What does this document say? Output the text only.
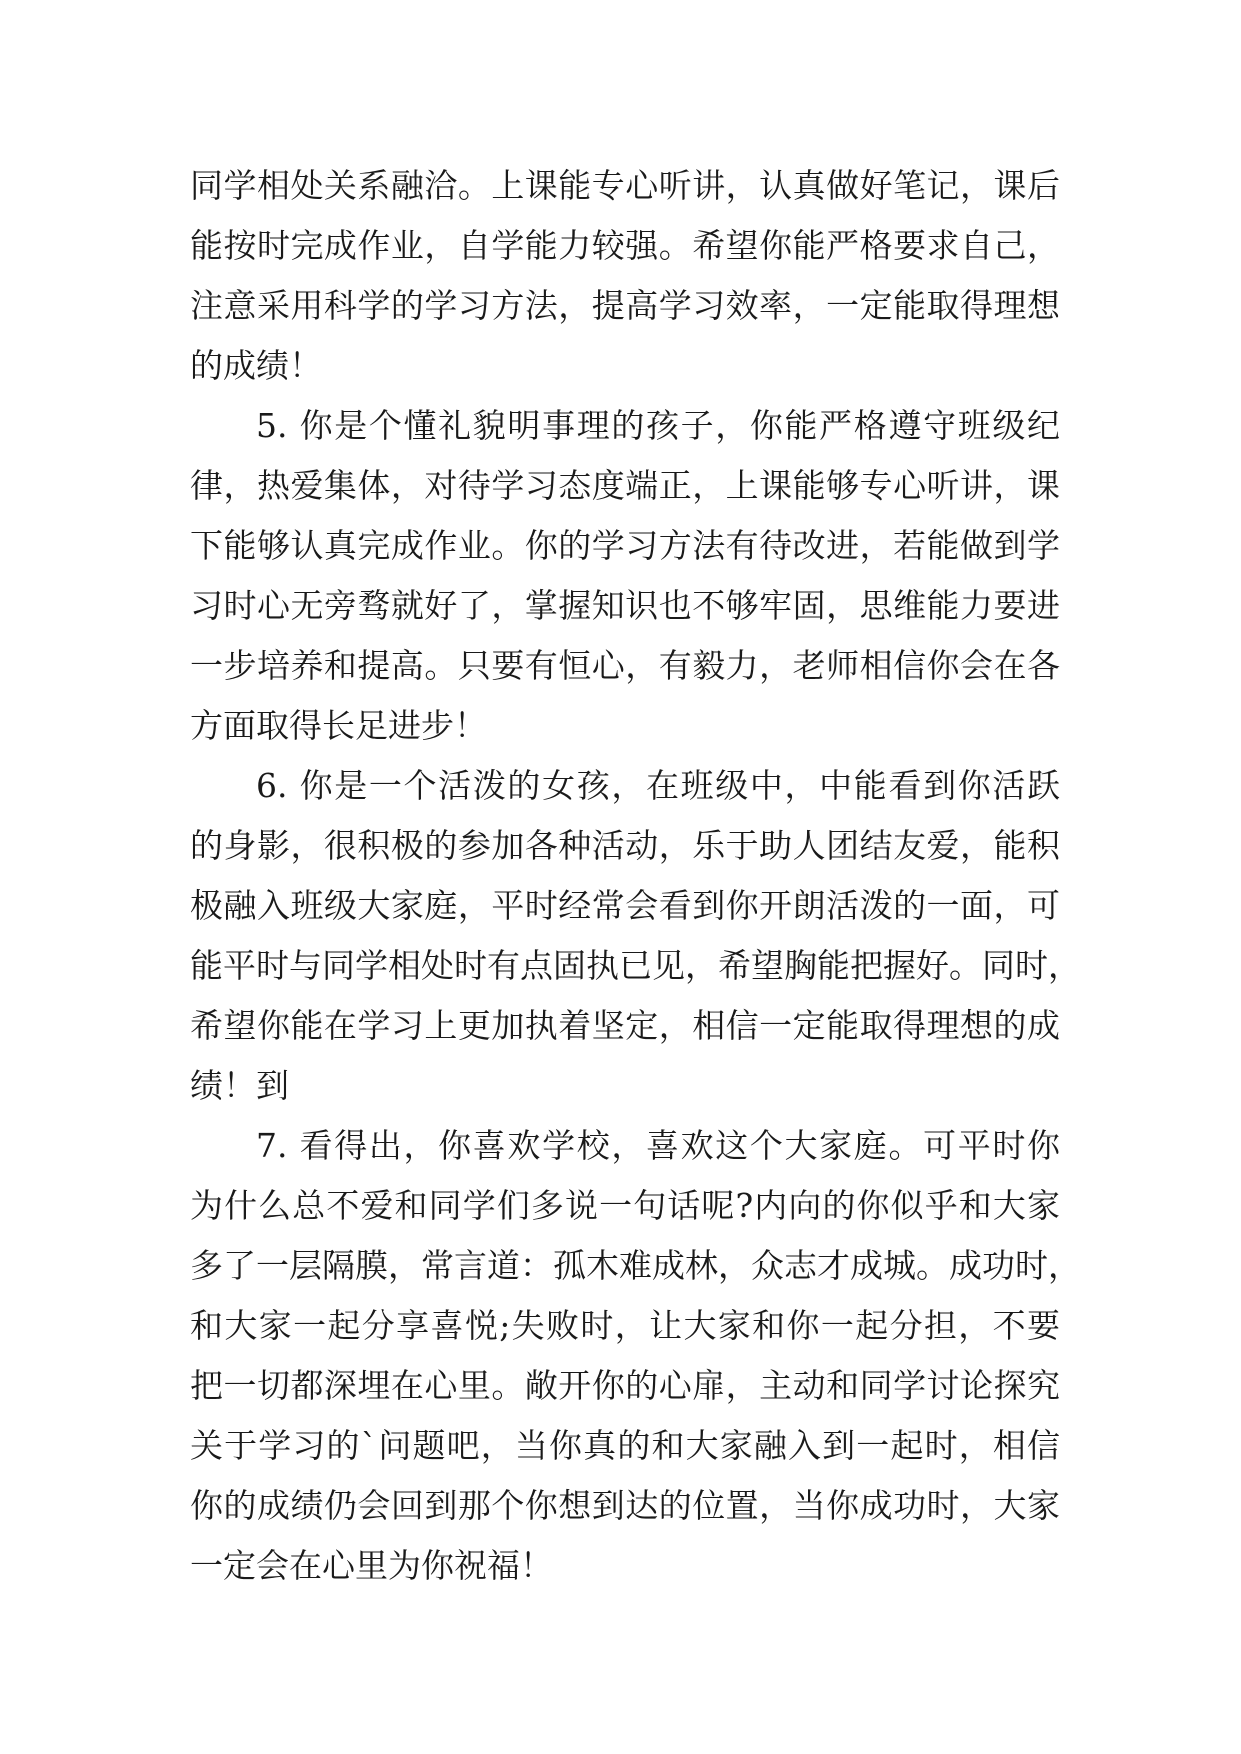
同学相处关系融洽。上课能专心听讲，认真做好笔记，课后
能按时完成作业，自学能力较强。希望你能严格要求自己，
注意采用科学的学习方法，提高学习效率，一定能取得理想
的成绩！
5. 你是个懂礼貌明事理的孩子，你能严格遵守班级纪
律，热爱集体，对待学习态度端正，上课能够专心听讲，课
下能够认真完成作业。你的学习方法有待改进，若能做到学
习时心无旁骛就好了，掌握知识也不够牢固，思维能力要进
一步培养和提高。只要有恒心，有毅力，老师相信你会在各
方面取得长足进步！
6. 你是一个活泼的女孩，在班级中，中能看到你活跃
的身影，很积极的参加各种活动，乐于助人团结友爱，能积
极融入班级大家庭，平时经常会看到你开朗活泼的一面，可
能平时与同学相处时有点固执已见，希望胸能把握好。同时，
希望你能在学习上更加执着坚定，相信一定能取得理想的成
绩！到
7. 看得出，你喜欢学校，喜欢这个大家庭。可平时你
为什么总不爱和同学们多说一句话呢?内向的你似乎和大家
多了一层隔膜，常言道：孤木难成林，众志才成城。成功时，
和大家一起分享喜悦;失败时，让大家和你一起分担，不要
把一切都深埋在心里。敞开你的心扉，主动和同学讨论探究
关于学习的`问题吧，当你真的和大家融入到一起时，相信
你的成绩仍会回到那个你想到达的位置，当你成功时，大家
一定会在心里为你祝福！
